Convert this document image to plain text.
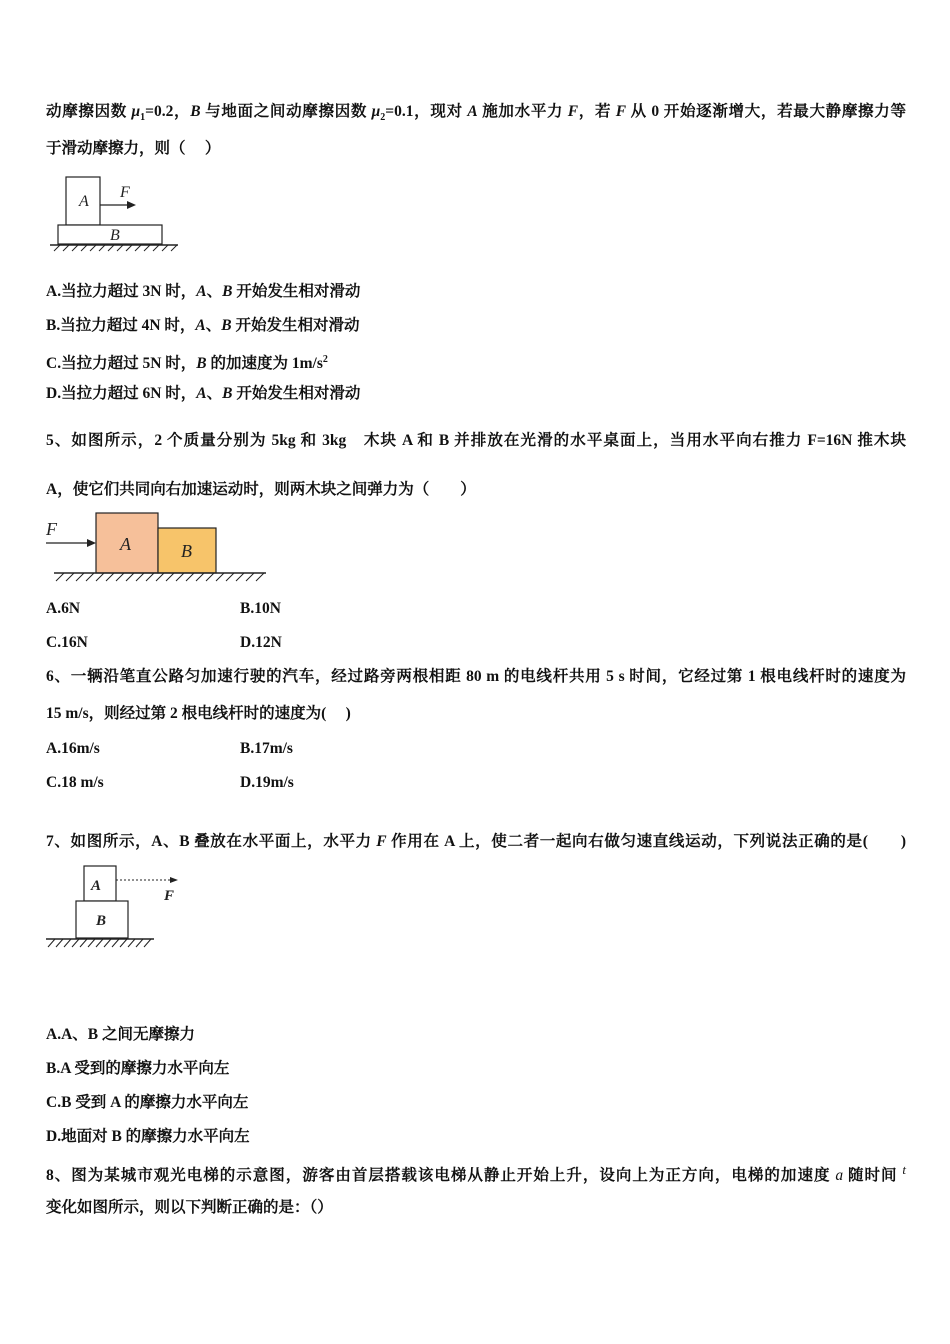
动摩擦因数 $\mu_1=0.2$，B 与地面之间动摩擦因数 $\mu_2=0.1$，现对 A 施加水平力 F，若 F 从 0 开始逐渐增大，若最大静摩擦力等
于滑动摩擦力，则（　 ）
A
B
F
A.当拉力超过 3N 时，A、B 开始发生相对滑动
B.当拉力超过 4N 时，A、B 开始发生相对滑动
C.当拉力超过 5N 时，B 的加速度为 $1m/s^2$
D.当拉力超过 6N 时，A、B 开始发生相对滑动
5、如图所示，2 个质量分别为 5kg 和 3kg　木块 A 和 B 并排放在光滑的水平桌面上，当用水平向右推力 F=16N 推木块
A，使它们共同向右加速运动时，则两木块之间弹力为（　　）
A	B
F
A.6N	B.10N
C.16N	D.12N
6、一辆沿笔直公路匀加速行驶的汽车，经过路旁两根相距 80 m 的电线杆共用 5 s 时间，它经过第 1 根电线杆时的速度为
15 m/s，则经过第 2 根电线杆时的速度为(　 )
A.16m/s	B.17m/s
C.18 m/s	D.19m/s
7、如图所示，A、B 叠放在水平面上，水平力 F 作用在 A 上，使二者一起向右做匀速直线运动，下列说法正确的是(　　)
A
B
F
A.A、B 之间无摩擦力
B.A 受到的摩擦力水平向左
C.B 受到 A 的摩擦力水平向左
D.地面对 B 的摩擦力水平向左
8、图为某城市观光电梯的示意图，游客由首层搭载该电梯从静止开始上升，设向上为正方向，电梯的加速度 a 随时间 $^t$
变化如图所示，则以下判断正确的是：（）
